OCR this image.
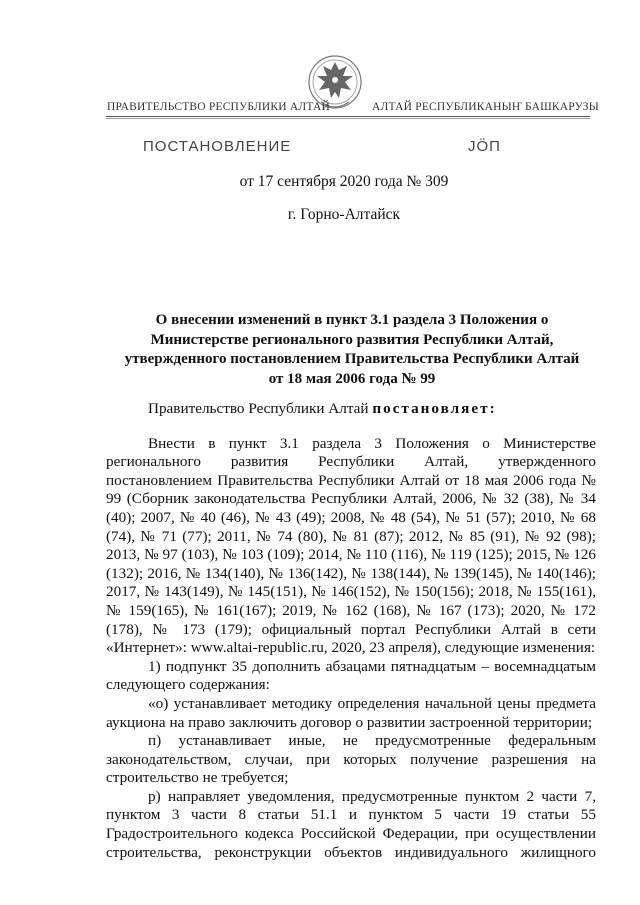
ПРАВИТЕЛЬСТВО РЕСПУБЛИКИ АЛТАЙ	АЛТАЙ РЕСПУБЛИКАНЫҤ БАШКАРУЗЫ
ПОСТАНОВЛЕНИЕ	ЈӦП
от 17 сентября 2020 года № 309
г. Горно-Алтайск
О внесении изменений в пункт 3.1 раздела 3 Положения о
Министерстве регионального развития Республики Алтай,
утвержденного постановлением Правительства Республики Алтай
от 18 мая 2006 года № 99
Правительство Республики Алтай постановляет:

Внести в пункт 3.1 раздела 3 Положения о Министерстве регионального развития Республики Алтай, утвержденного постановлением Правительства Республики Алтай от 18 мая 2006 года № 99 (Сборник законодательства Республики Алтай, 2006, № 32 (38), № 34 (40); 2007, № 40 (46), № 43 (49); 2008, № 48 (54), № 51 (57); 2010, № 68 (74), № 71 (77); 2011, № 74 (80), № 81 (87); 2012, № 85 (91), № 92 (98); 2013, № 97 (103), № 103 (109); 2014, № 110 (116), № 119 (125); 2015, № 126 (132); 2016, № 134(140), № 136(142), № 138(144), № 139(145), № 140(146); 2017, № 143(149), № 145(151), № 146(152), № 150(156); 2018, № 155(161), № 159(165), № 161(167); 2019, № 162 (168), № 167 (173); 2020, № 172 (178), № 173 (179); официальный портал Республики Алтай в сети «Интернет»: www.altai-republic.ru, 2020, 23 апреля), следующие изменения:

1) подпункт 35 дополнить абзацами пятнадцатым – восемнадцатым следующего содержания:

«о) устанавливает методику определения начальной цены предмета аукциона на право заключить договор о развитии застроенной территории;

п) устанавливает иные, не предусмотренные федеральным законодательством, случаи, при которых получение разрешения на строительство не требуется;

р) направляет уведомления, предусмотренные пунктом 2 части 7, пунктом 3 части 8 статьи 51.1 и пунктом 5 части 19 статьи 55 Градостроительного кодекса Российской Федерации, при осуществлении строительства, реконструкции объектов индивидуального жилищного
